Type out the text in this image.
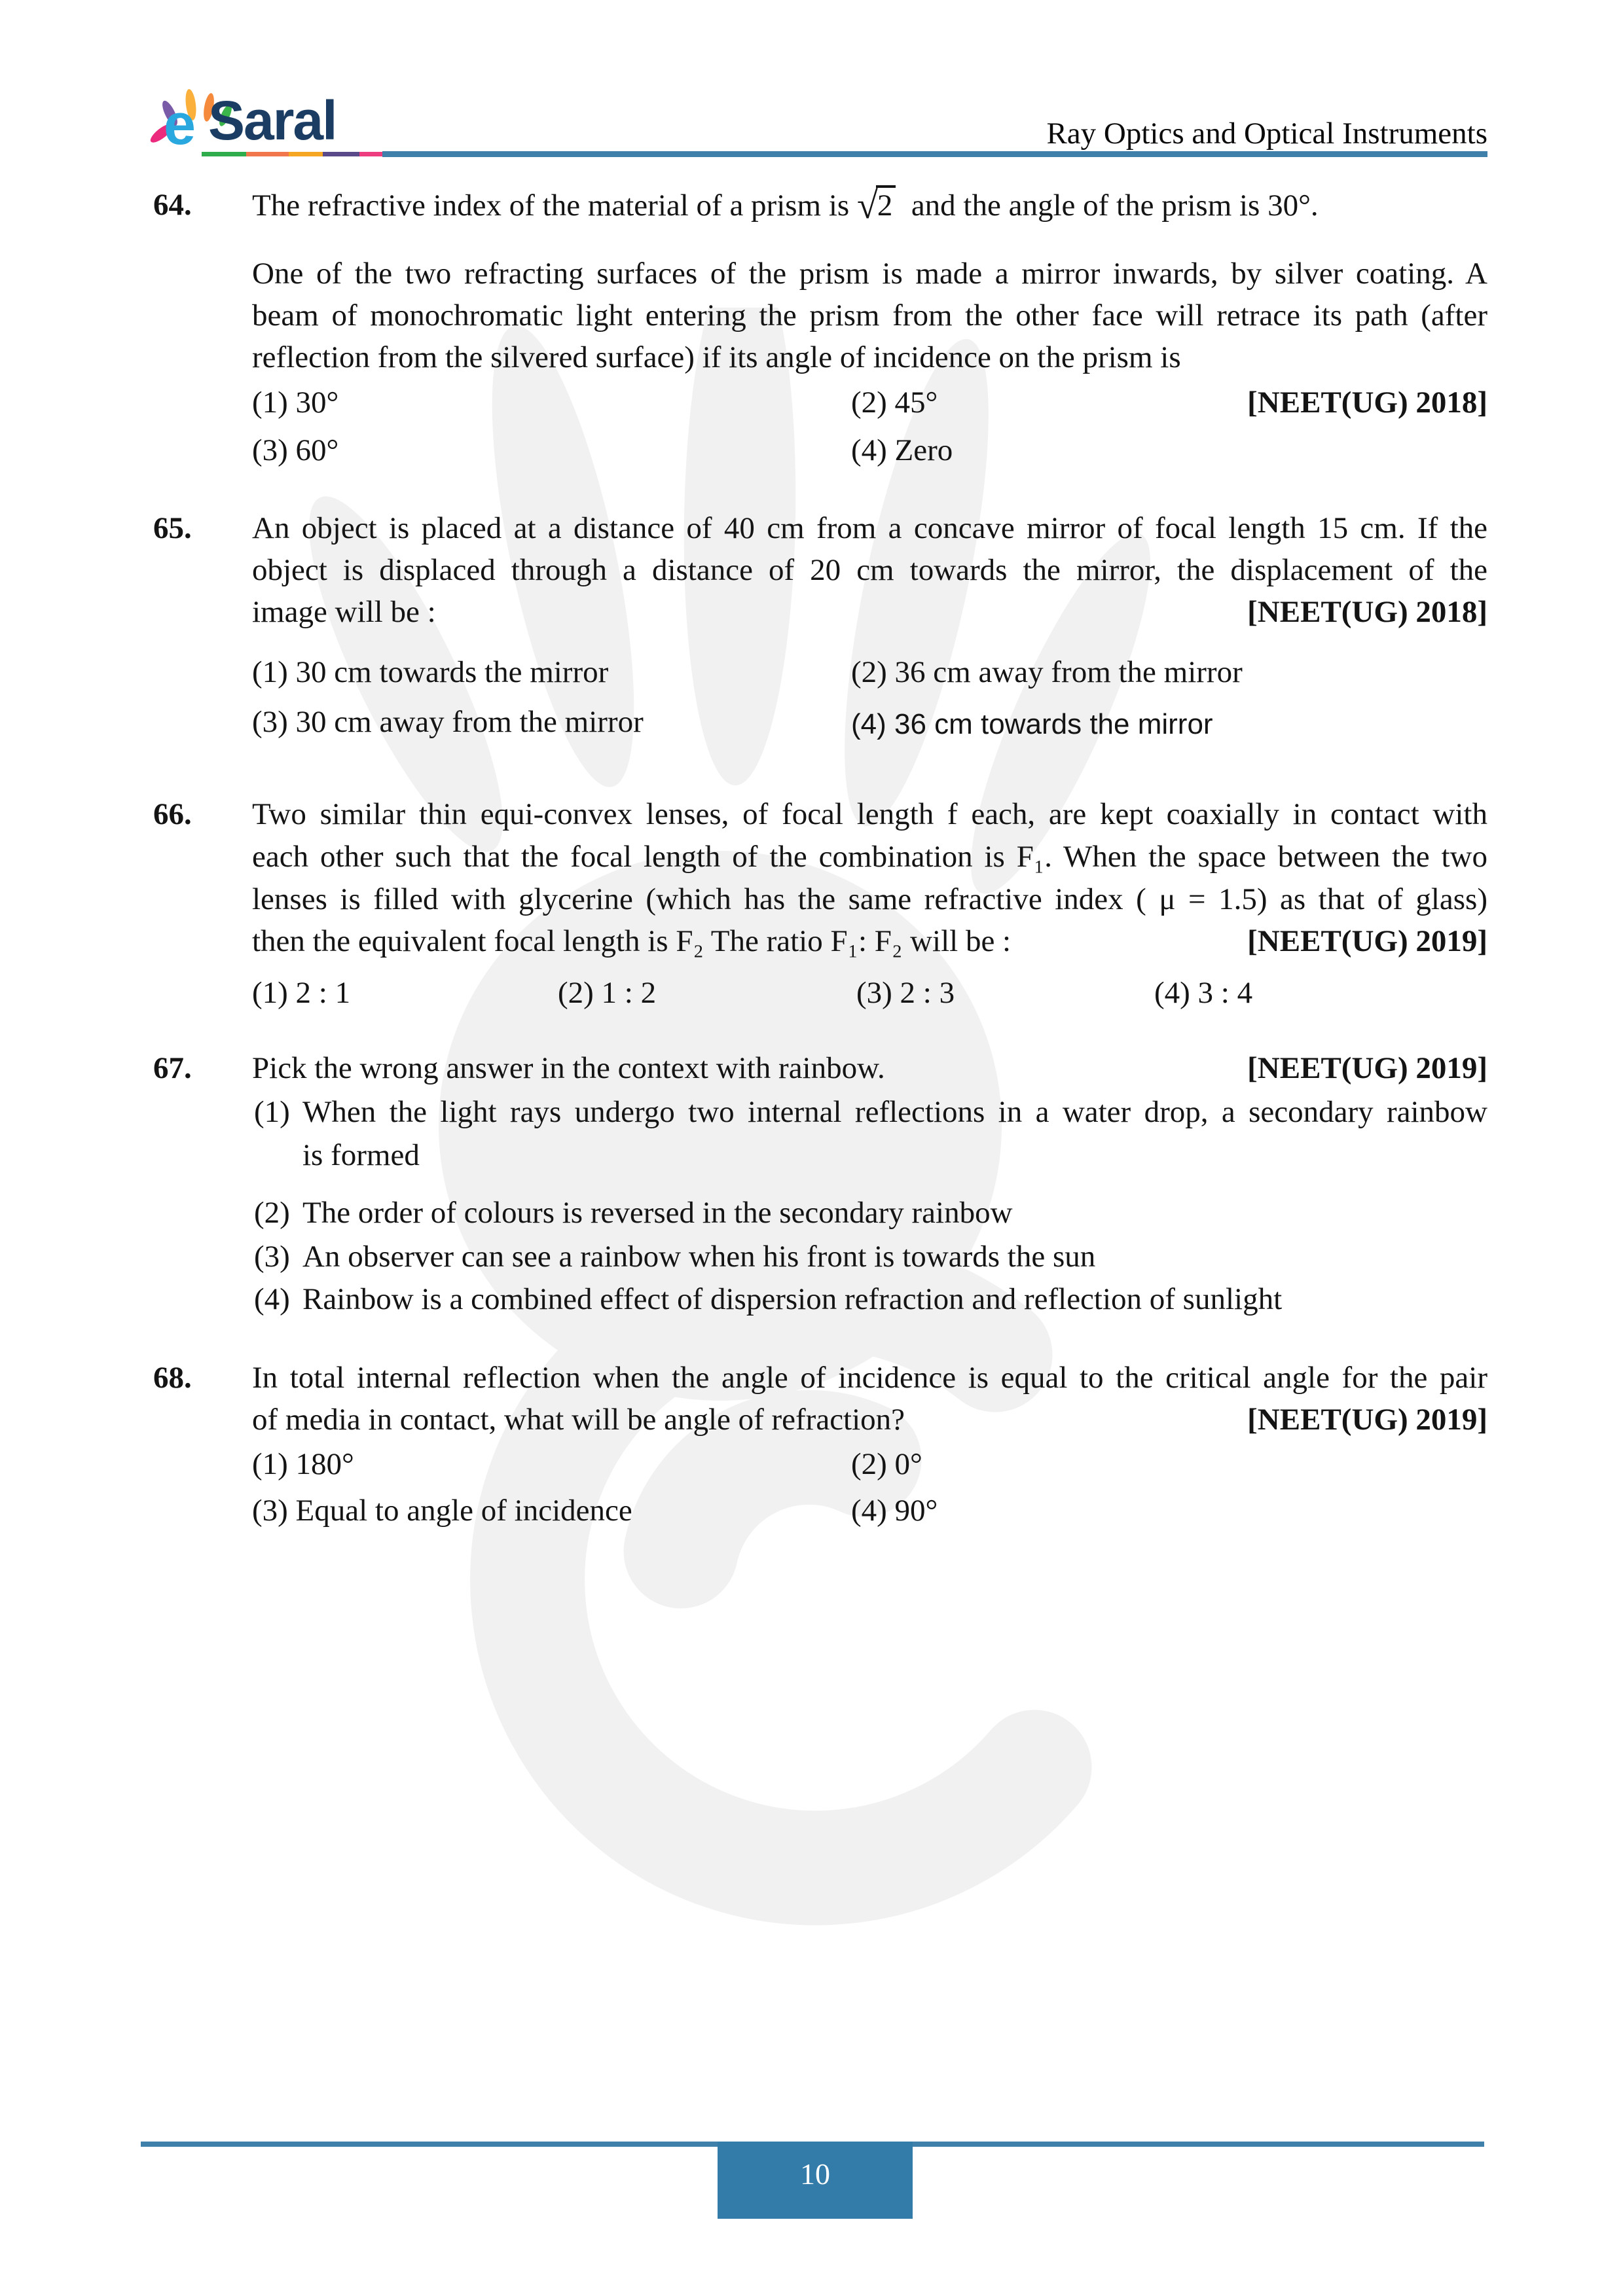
e Saral	Ray Optics and Optical Instruments
64. The refractive index of the material of a prism is √2  and the angle of the prism is 30°.
One of the two refracting surfaces of the prism is made a mirror inwards, by silver coating. A
beam of monochromatic light entering the prism from the other face will retrace its path (after
reflection from the silvered surface) if its angle of incidence on the prism is
(1) 30°	(2) 45°	[NEET(UG) 2018]
(3) 60°	(4) Zero
65. An object is placed at a distance of 40 cm from a concave mirror of focal length 15 cm. If the
object is displaced through a distance of 20 cm towards the mirror, the displacement of the
image will be :	[NEET(UG) 2018]
(1) 30 cm towards the mirror	(2) 36 cm away from the mirror
(3) 30 cm away from the mirror	(4) 36 cm towards the mirror
66. Two similar thin equi-convex lenses, of focal length f each, are kept coaxially in contact with
each other such that the focal length of the combination is F₁. When the space between the two
lenses is filled with glycerine (which has the same refractive index ( μ = 1.5) as that of glass)
then the equivalent focal length is F₂ The ratio F₁: F₂ will be :	[NEET(UG) 2019]
(1) 2 : 1	(2) 1 : 2	(3) 2 : 3	(4) 3 : 4
67. Pick the wrong answer in the context with rainbow.	[NEET(UG) 2019]
(1) When the light rays undergo two internal reflections in a water drop, a secondary rainbow
is formed
(2) The order of colours is reversed in the secondary rainbow
(3) An observer can see a rainbow when his front is towards the sun
(4) Rainbow is a combined effect of dispersion refraction and reflection of sunlight
68. In total internal reflection when the angle of incidence is equal to the critical angle for the pair
of media in contact, what will be angle of refraction?	[NEET(UG) 2019]
(1) 180°	(2) 0°
(3) Equal to angle of incidence	(4) 90°
10
